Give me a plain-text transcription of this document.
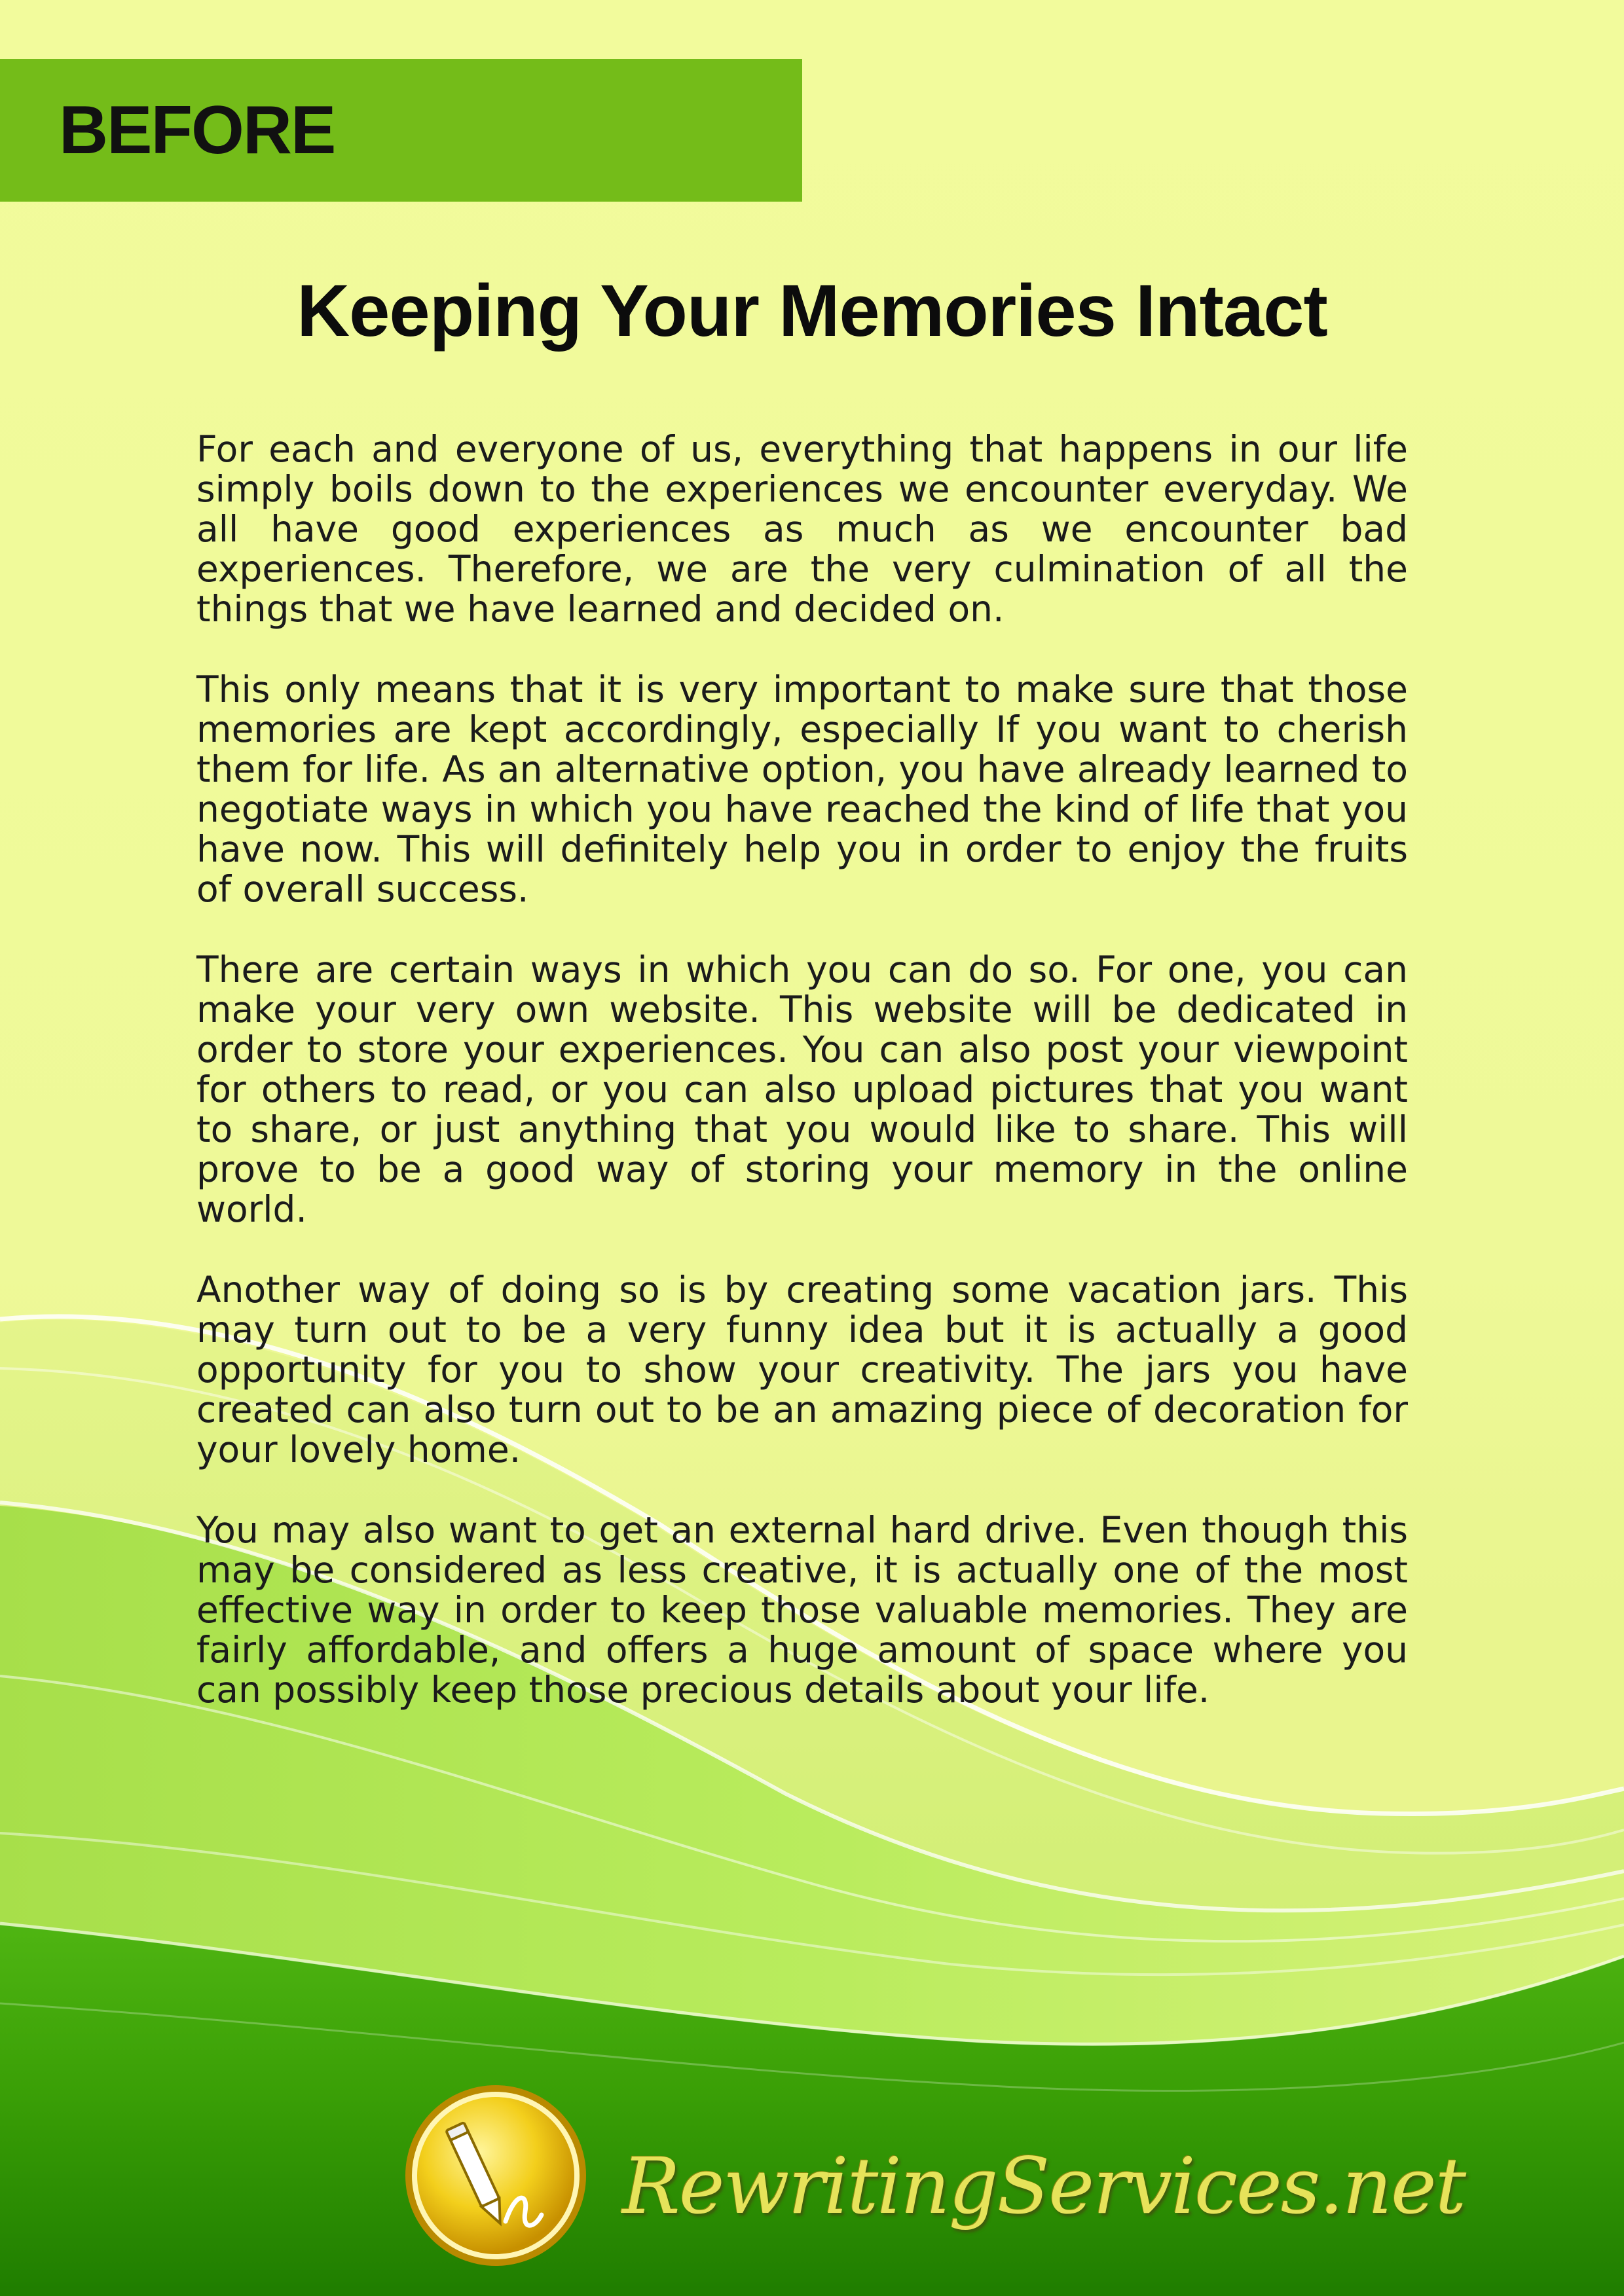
BEFORE
Keeping Your Memories Intact

For each and everyone of us, everything that happens in our life simply boils down to the experiences we encounter everyday. We all have good experiences as much as we encounter bad experiences. Therefore, we are the very culmination of all the things that we have learned and decided on.

This only means that it is very important to make sure that those memories are kept accordingly, especially If you want to cherish them for life. As an alternative option, you have already learned to negotiate ways in which you have reached the kind of life that you have now. This will definitely help you in order to enjoy the fruits of overall success.

There are certain ways in which you can do so. For one, you can make your very own website. This website will be dedicated in order to store your experiences. You can also post your viewpoint for others to read, or you can also upload pictures that you want to share, or just anything that you would like to share. This will prove to be a good way of storing your memory in the online world.

Another way of doing so is by creating some vacation jars. This may turn out to be a very funny idea but it is actually a good opportunity for you to show your creativity. The jars you have created can also turn out to be an amazing piece of decoration for your lovely home.

You may also want to get an external hard drive. Even though this may be considered as less creative, it is actually one of the most effective way in order to keep those valuable memories. They are fairly affordable, and offers a huge amount of space where you can possibly keep those precious details about your life.

RewritingServices.net
